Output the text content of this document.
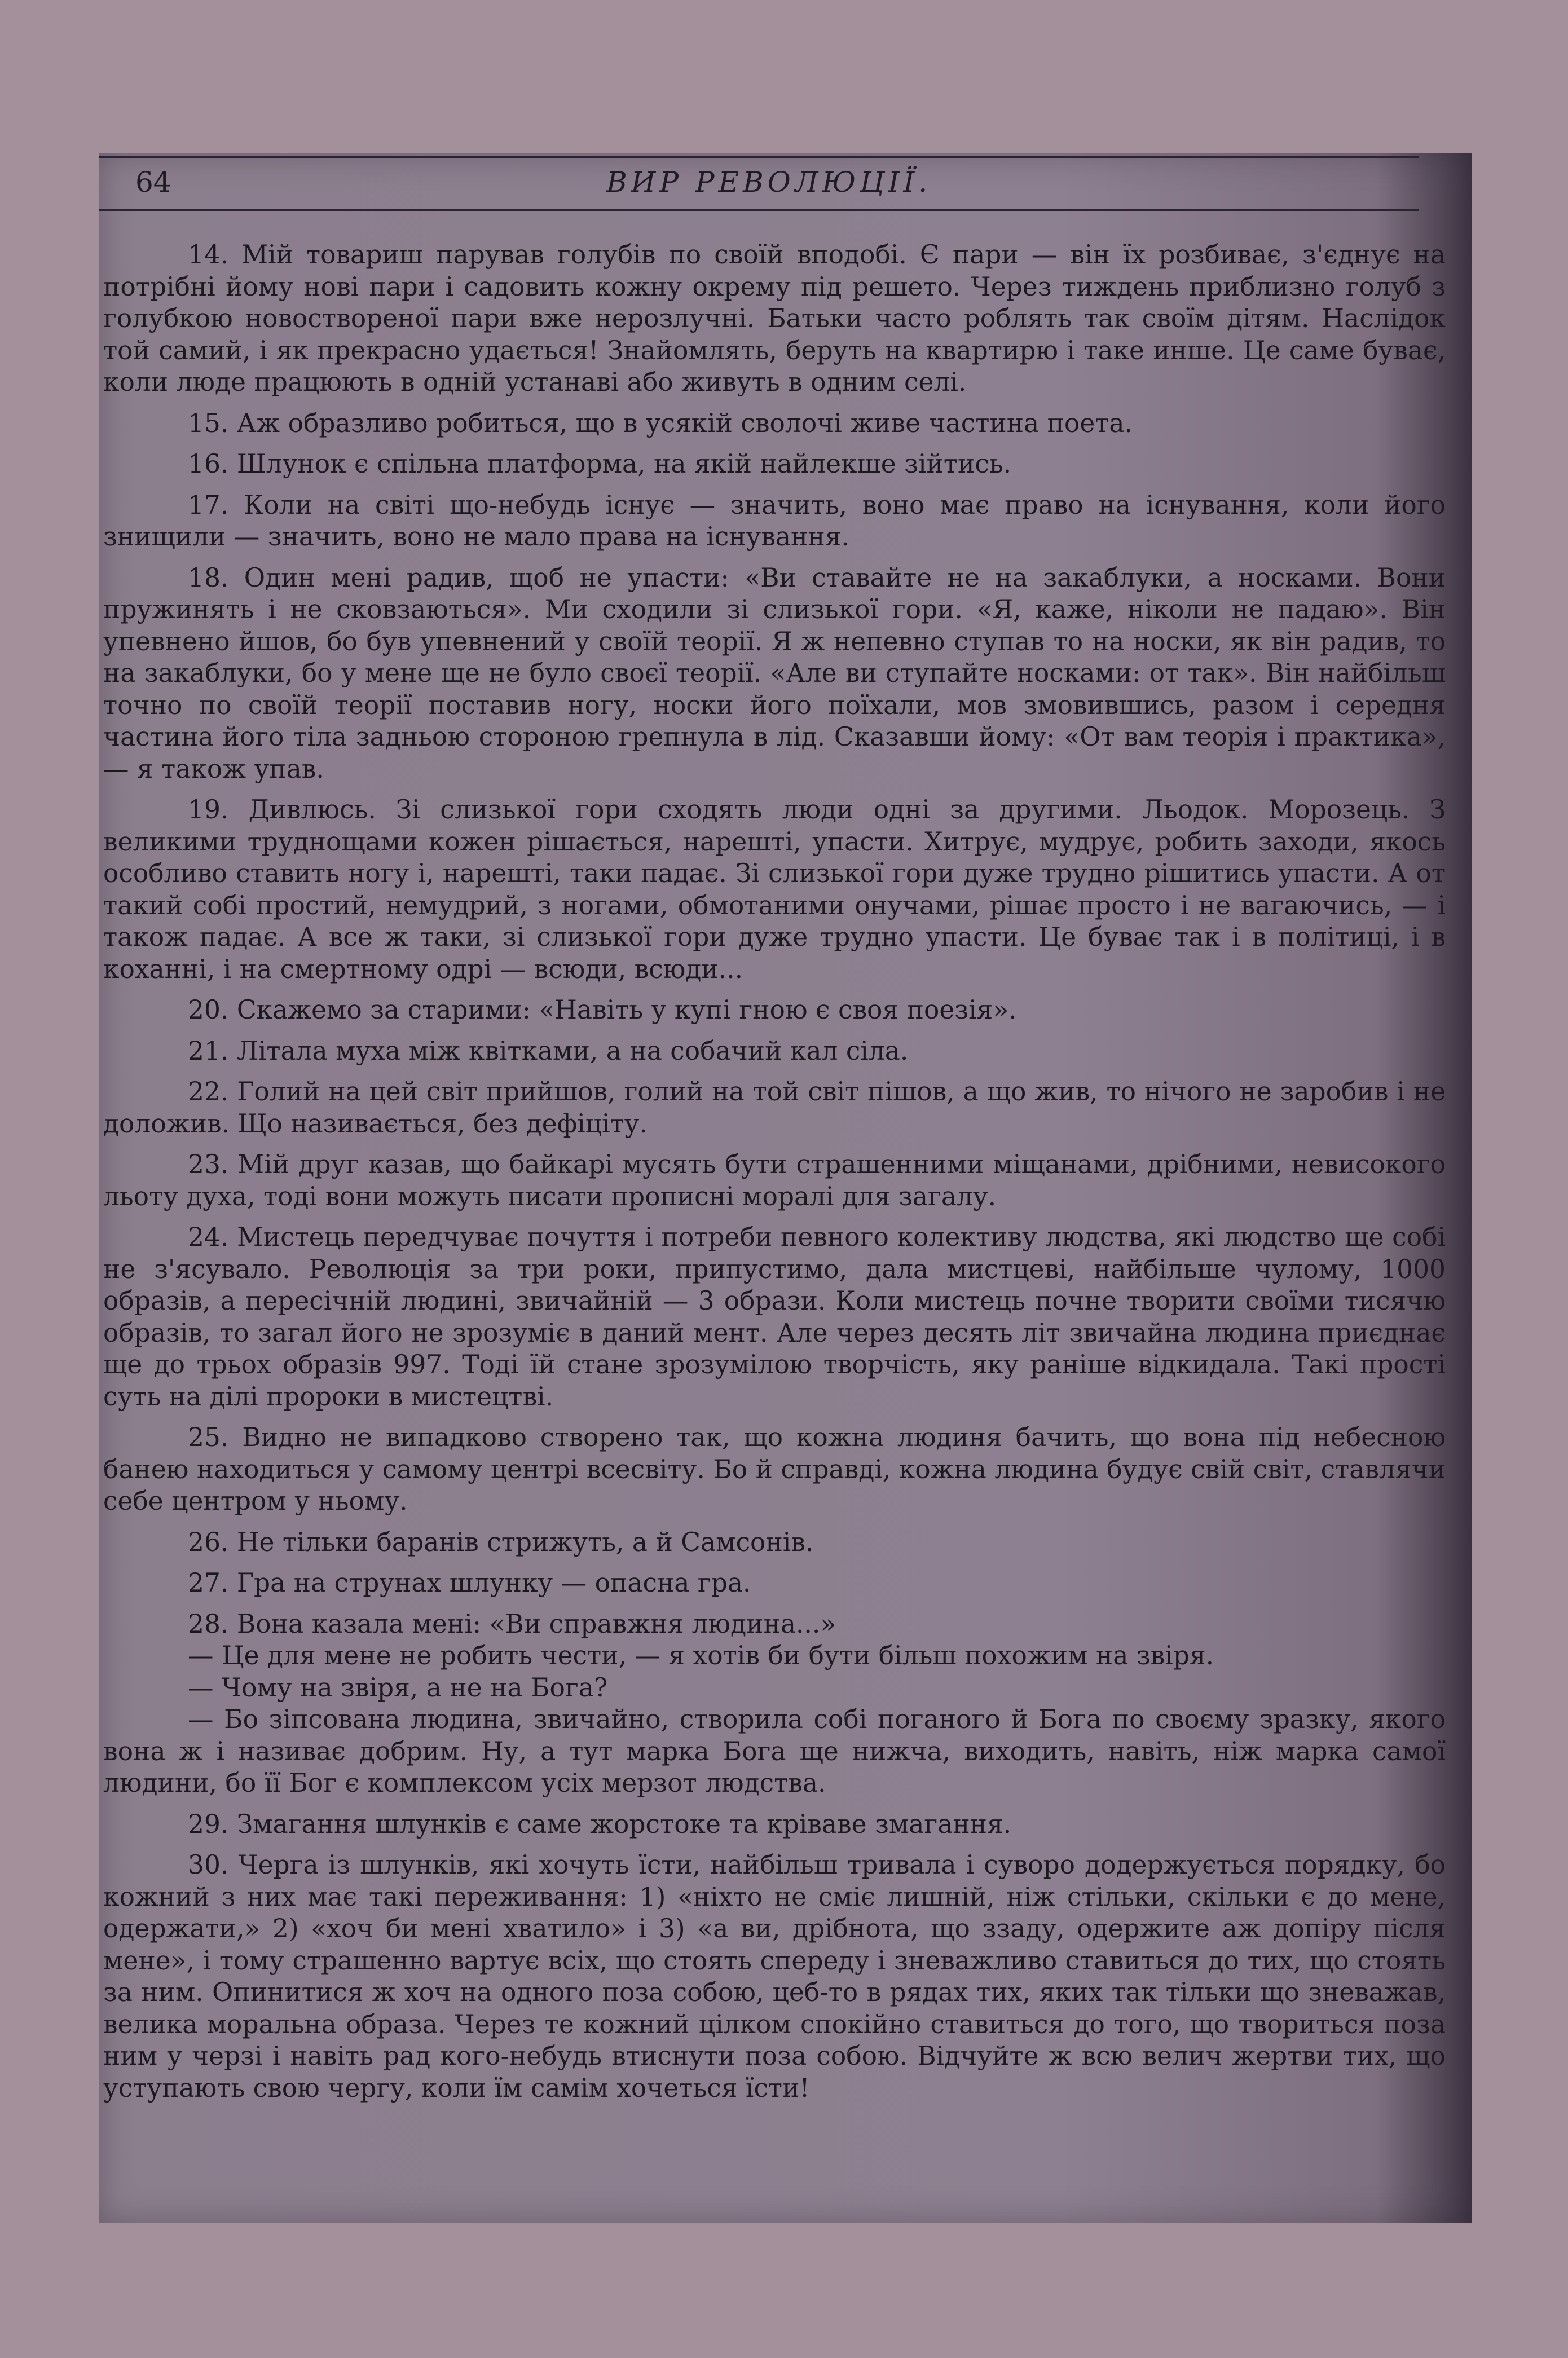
64	ВИР РЕВОЛЮЦІЇ.

14. Мій товариш парував голубів по своїй вподобі. Є пари — він їх розбиває, з'єднує на потрібні йому нові пари і садовить кожну окрему під решето. Через тиждень приблизно голуб з голубкою новоствореної пари вже нерозлучні. Батьки часто роблять так своїм дітям. Наслідок той самий, і як прекрасно удається! Знайомлять, беруть на квартирю і таке инше. Це саме буває, коли люде працюють в одній устанаві або живуть в одним селі.

15. Аж образливо робиться, що в усякій сволочі живе частина поета.

16. Шлунок є спільна платформа, на якій найлекше зійтись.

17. Коли на світі що-небудь існує — значить, воно має право на існування, коли його знищили — значить, воно не мало права на існування.

18. Один мені радив, щоб не упасти: «Ви ставайте не на закаблуки, а носками. Вони пружинять і не сковзаються». Ми сходили зі слизької гори. «Я, каже, ніколи не падаю». Він упевнено йшов, бо був упевнений у своїй теорії. Я ж непевно ступав то на носки, як він радив, то на закаблуки, бо у мене ще не було своєї теорії. «Але ви ступайте носками: от так». Він найбільш точно по своїй теорії поставив ногу, носки його поїхали, мов змовившись, разом і середня частина його тіла задньою стороною грепнула в лід. Сказавши йому: «От вам теорія і практика», — я також упав.

19. Дивлюсь. Зі слизької гори сходять люди одні за другими. Льодок. Морозець. З великими труднощами кожен рішається, нарешті, упасти. Хитрує, мудрує, робить заходи, якось особливо ставить ногу і, нарешті, таки падає. Зі слизької гори дуже трудно рішитись упасти. А от такий собі простий, немудрий, з ногами, обмотаними онучами, рішає просто і не вагаючись, — і також падає. А все ж таки, зі слизької гори дуже трудно упасти. Це буває так і в політиці, і в коханні, і на смертному одрі — всюди, всюди...

20. Скажемо за старими: «Навіть у купі гною є своя поезія».

21. Літала муха між квітками, а на собачий кал сіла.

22. Голий на цей світ прийшов, голий на той світ пішов, а що жив, то нічого не заробив і не доложив. Що називається, без дефіціту.

23. Мій друг казав, що байкарі мусять бути страшенними міщанами, дрібними, невисокого льоту духа, тоді вони можуть писати прописні моралі для загалу.

24. Мистець передчуває почуття і потреби певного колективу людства, які людство ще собі не з'ясувало. Революція за три роки, припустимо, дала мистцеві, найбільше чулому, 1000 образів, а пересічній людині, звичайній — 3 образи. Коли мистець почне творити своїми тисячю образів, то загал його не зрозуміє в даний мент. Але через десять літ звичайна людина приєднає ще до трьох образів 997. Тоді їй стане зрозумілою творчість, яку раніше відкидала. Такі прості суть на ділі пророки в мистецтві.

25. Видно не випадково створено так, що кожна людиня бачить, що вона під небесною банею находиться у самому центрі всесвіту. Бо й справді, кожна людина будує свій світ, ставлячи себе центром у ньому.

26. Не тільки баранів стрижуть, а й Самсонів.

27. Гра на струнах шлунку — опасна гра.

28. Вона казала мені: «Ви справжня людина...»

— Це для мене не робить чести, — я хотів би бути більш похожим на звіря.

— Чому на звіря, а не на Бога?

— Бо зіпсована людина, звичайно, створила собі поганого й Бога по своєму зразку, якого вона ж і називає добрим. Ну, а тут марка Бога ще нижча, виходить, навіть, ніж марка самої людини, бо її Бог є комплексом усіх мерзот людства.

29. Змагання шлунків є саме жорстоке та кріваве змагання.

30. Черга із шлунків, які хочуть їсти, найбільш тривала і суворо додержується порядку, бо кожний з них має такі переживання: 1) «ніхто не сміє лишній, ніж стільки, скільки є до мене, одержати,» 2) «хоч би мені хватило» і 3) «а ви, дрібнота, що ззаду, одержите аж допіру після мене», і тому страшенно вартує всіх, що стоять спереду і зневажливо ставиться до тих, що стоять за ним. Опинитися ж хоч на одного поза собою, цеб-то в рядах тих, яких так тільки що зневажав, велика моральна образа. Через те кожний цілком спокійно ставиться до того, що твориться поза ним у черзі і навіть рад кого-небудь втиснути поза собою. Відчуйте ж всю велич жертви тих, що уступають свою чергу, коли їм самім хочеться їсти!
